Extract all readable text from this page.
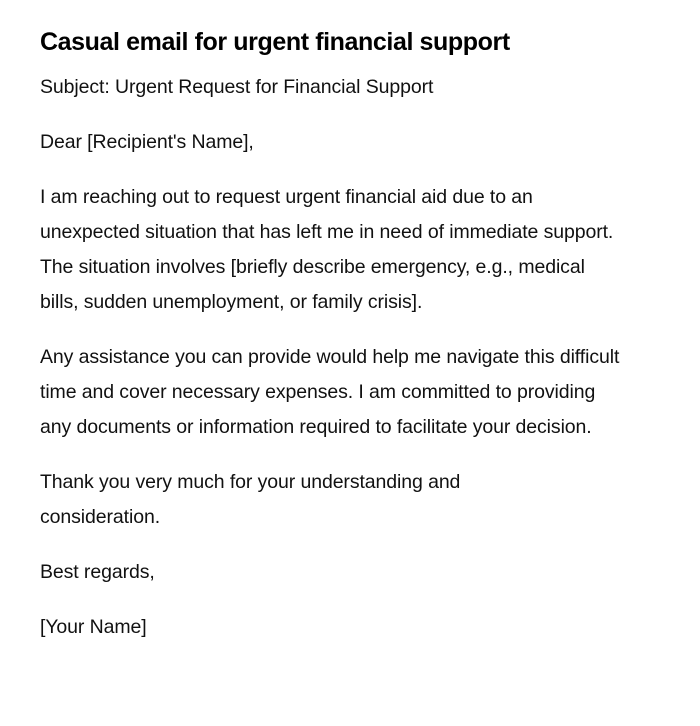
Casual email for urgent financial support

Subject: Urgent Request for Financial Support

Dear [Recipient's Name],

I am reaching out to request urgent financial aid due to an unexpected situation that has left me in need of immediate support. The situation involves [briefly describe emergency, e.g., medical bills, sudden unemployment, or family crisis].

Any assistance you can provide would help me navigate this difficult time and cover necessary expenses. I am committed to providing any documents or information required to facilitate your decision.

Thank you very much for your understanding and consideration.

Best regards,

[Your Name]
